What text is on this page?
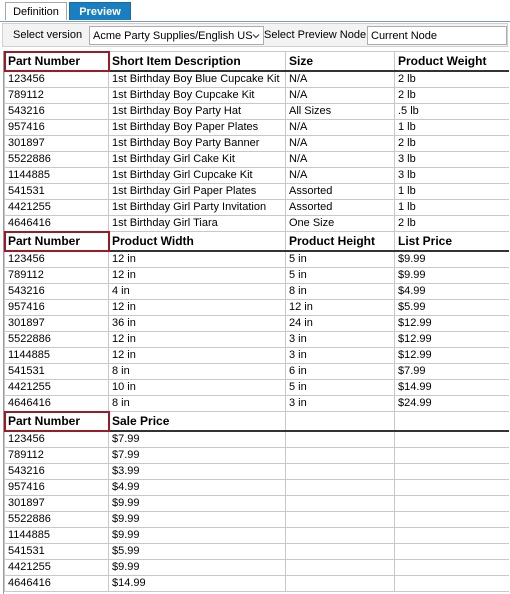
Definition	Preview
Select version Acme Party Supplies/English US Select Preview Node Current Node
Part Number	Short Item Description	Size	Product Weight
123456	1st Birthday Boy Blue Cupcake Kit	N/A	2 lb
789112	1st Birthday Boy Cupcake Kit	N/A	2 lb
543216	1st Birthday Boy Party Hat	All Sizes	.5 lb
957416	1st Birthday Boy Paper Plates	N/A	1 lb
301897	1st Birthday Boy Party Banner	N/A	2 lb
5522886	1st Birthday Girl Cake Kit	N/A	3 lb
1144885	1st Birthday Girl Cupcake Kit	N/A	3 lb
541531	1st Birthday Girl Paper Plates	Assorted	1 lb
4421255	1st Birthday Girl Party Invitation	Assorted	1 lb
4646416	1st Birthday Girl Tiara	One Size	2 lb
Part Number	Product Width	Product Height	List Price
123456	12 in	5 in	$9.99
789112	12 in	5 in	$9.99
543216	4 in	8 in	$4.99
957416	12 in	12 in	$5.99
301897	36 in	24 in	$12.99
5522886	12 in	3 in	$12.99
1144885	12 in	3 in	$12.99
541531	8 in	6 in	$7.99
4421255	10 in	5 in	$14.99
4646416	8 in	3 in	$24.99
Part Number	Sale Price		
123456	$7.99		
789112	$7.99		
543216	$3.99		
957416	$4.99		
301897	$9.99		
5522886	$9.99		
1144885	$9.99		
541531	$5.99		
4421255	$9.99		
4646416	$14.99		
